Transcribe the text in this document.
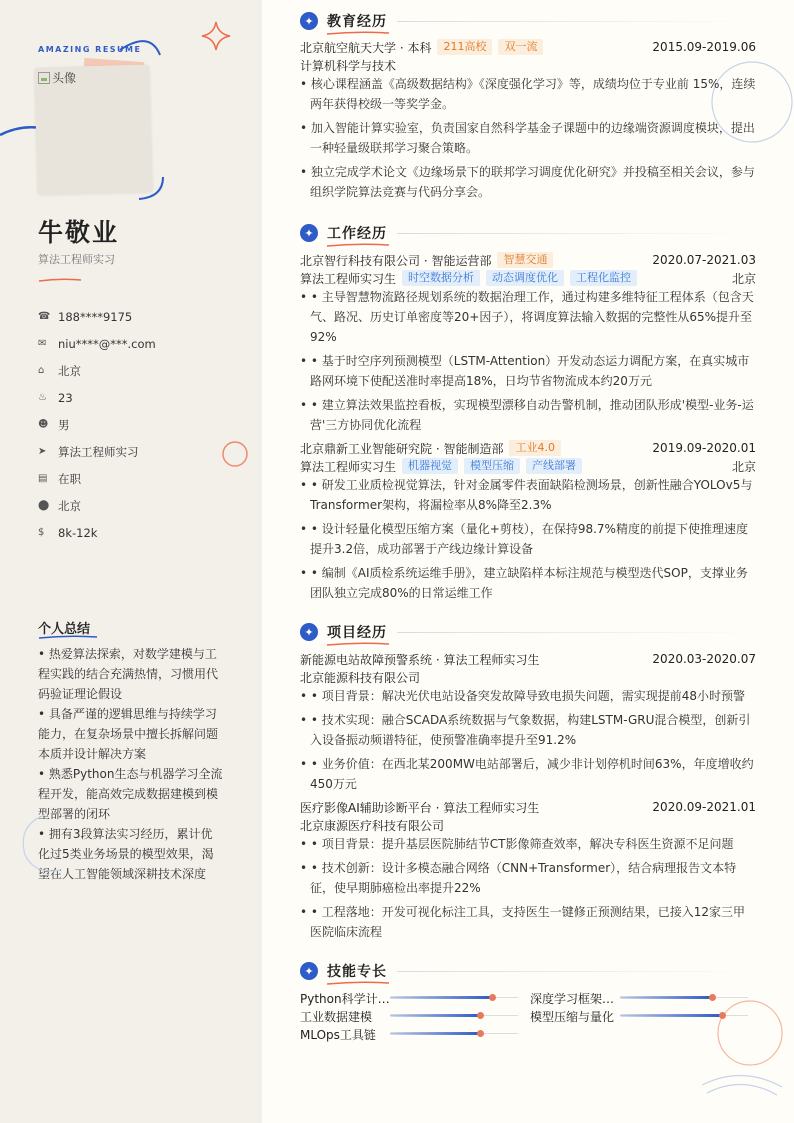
AMAZING RESUME
头像
牛敬业
算法工程师实习
☎ 188****9175
✉	niu****@***.com
⌂	北京
♨ 23
☻ 男
➤	算法工程师实习
▤ 在职
⬤ 北京
$	8k-12k
个人总结
• 热爱算法探索，对数学建模与工程实践的结合充满热情，习惯用代码验证理论假设
• 具备严谨的逻辑思维与持续学习能力，在复杂场景中擅长拆解问题本质并设计解决方案
• 熟悉Python生态与机器学习全流程开发，能高效完成数据建模到模型部署的闭环
• 拥有3段算法实习经历，累计优化过5类业务场景的模型效果，渴望在人工智能领域深耕技术深度
✦ 教育经历
北京航空航天大学 · 本科	211高校	双一流	2015.09-2019.06
计算机科学与技术
• 核心课程涵盖《高级数据结构》《深度强化学习》等，成绩均位于专业前 15%，连续两年获得校级一等奖学金。
• 加入智能计算实验室，负责国家自然科学基金子课题中的边缘端资源调度模块，提出一种轻量级联邦学习聚合策略。
• 独立完成学术论文《边缘场景下的联邦学习调度优化研究》并投稿至相关会议，参与组织学院算法竞赛与代码分享会。
✦ 工作经历
北京智行科技有限公司 · 智能运营部	智慧交通	2020.07-2021.03
算法工程师实习生	时空数据分析	动态调度优化	工程化监控	北京
• • 主导智慧物流路径规划系统的数据治理工作，通过构建多维特征工程体系（包含天气、路况、历史订单密度等20+因子），将调度算法输入数据的完整性从65%提升至92%
• • 基于时空序列预测模型（LSTM-Attention）开发动态运力调配方案，在真实城市路网环境下使配送准时率提高18%，日均节省物流成本约20万元
• • 建立算法效果监控看板，实现模型漂移自动告警机制，推动团队形成'模型-业务-运营'三方协同优化流程
北京鼎新工业智能研究院 · 智能制造部	工业4.0	2019.09-2020.01
算法工程师实习生	机器视觉	模型压缩	产线部署	北京
• • 研发工业质检视觉算法，针对金属零件表面缺陷检测场景，创新性融合YOLOv5与Transformer架构，将漏检率从8%降至2.3%
• • 设计轻量化模型压缩方案（量化+剪枝），在保持98.7%精度的前提下使推理速度提升3.2倍，成功部署于产线边缘计算设备
• • 编制《AI质检系统运维手册》，建立缺陷样本标注规范与模型迭代SOP，支撑业务团队独立完成80%的日常运维工作
✦ 项目经历
新能源电站故障预警系统 · 算法工程师实习生	2020.03-2020.07
北京能源科技有限公司
• • 项目背景：解决光伏电站设备突发故障导致电损失问题，需实现提前48小时预警
• • 技术实现：融合SCADA系统数据与气象数据，构建LSTM-GRU混合模型，创新引入设备振动频谱特征，使预警准确率提升至91.2%
• • 业务价值：在西北某200MW电站部署后，减少非计划停机时间63%，年度增收约450万元
医疗影像AI辅助诊断平台 · 算法工程师实习生	2020.09-2021.01
北京康源医疗科技有限公司
• • 项目背景：提升基层医院肺结节CT影像筛查效率，解决专科医生资源不足问题
• • 技术创新：设计多模态融合网络（CNN+Transformer），结合病理报告文本特征，使早期肺癌检出率提升22%
• • 工程落地：开发可视化标注工具，支持医生一键修正预测结果，已接入12家三甲医院临床流程
✦ 技能专长
Python科学计…	深度学习框架…
工业数据建模	模型压缩与量化
MLOps工具链
